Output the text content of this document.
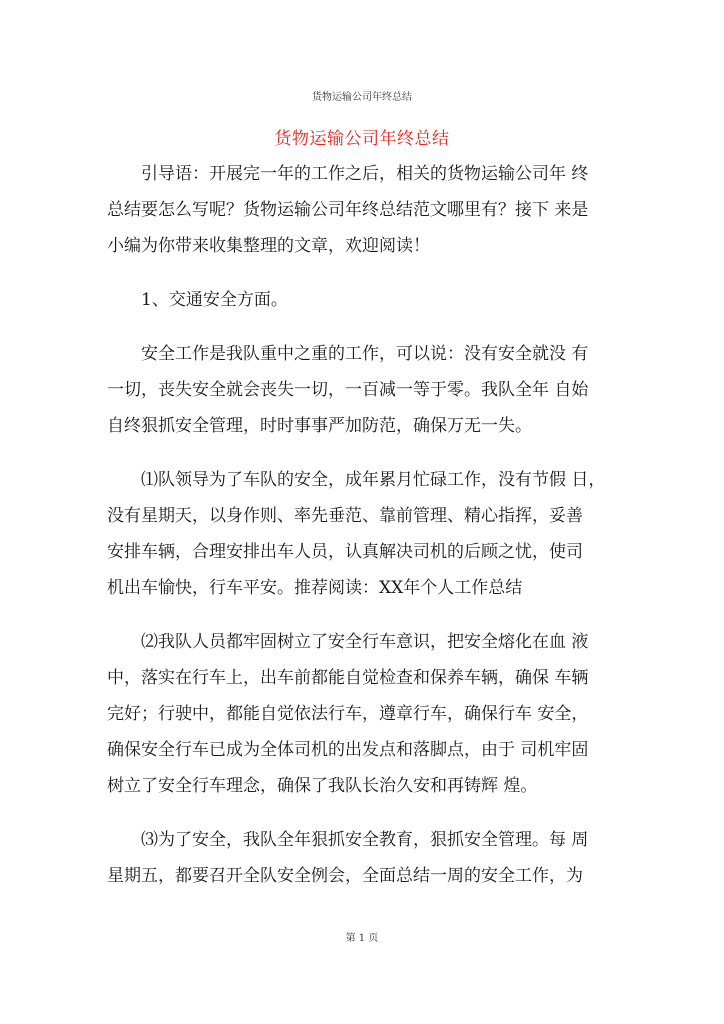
货物运输公司年终总结
货物运输公司年终总结
　　引导语：开展完一年的工作之后，相关的货物运输公司年 终
总结要怎么写呢？货物运输公司年终总结范文哪里有？接下 来是
小编为你带来收集整理的文章，欢迎阅读！
　　1、交通安全方面。
　　安全工作是我队重中之重的工作，可以说：没有安全就没 有
一切，丧失安全就会丧失一切，一百减一等于零。我队全年 自始
自终狠抓安全管理，时时事事严加防范，确保万无一失。
　　⑴队领导为了车队的安全，成年累月忙碌工作，没有节假 日，
没有星期天，以身作则、率先垂范、靠前管理、精心指挥，妥善
安排车辆，合理安排出车人员，认真解决司机的后顾之忧，使司
机出车愉快，行车平安。推荐阅读：XX年个人工作总结
　　⑵我队人员都牢固树立了安全行车意识，把安全熔化在血 液
中，落实在行车上，出车前都能自觉检查和保养车辆，确保 车辆
完好；行驶中，都能自觉依法行车，遵章行车，确保行车 安全，
确保安全行车已成为全体司机的出发点和落脚点，由于 司机牢固
树立了安全行车理念，确保了我队长治久安和再铸辉 煌。
　　⑶为了安全，我队全年狠抓安全教育，狠抓安全管理。每 周
星期五，都要召开全队安全例会，全面总结一周的安全工作，为
第 1 页
